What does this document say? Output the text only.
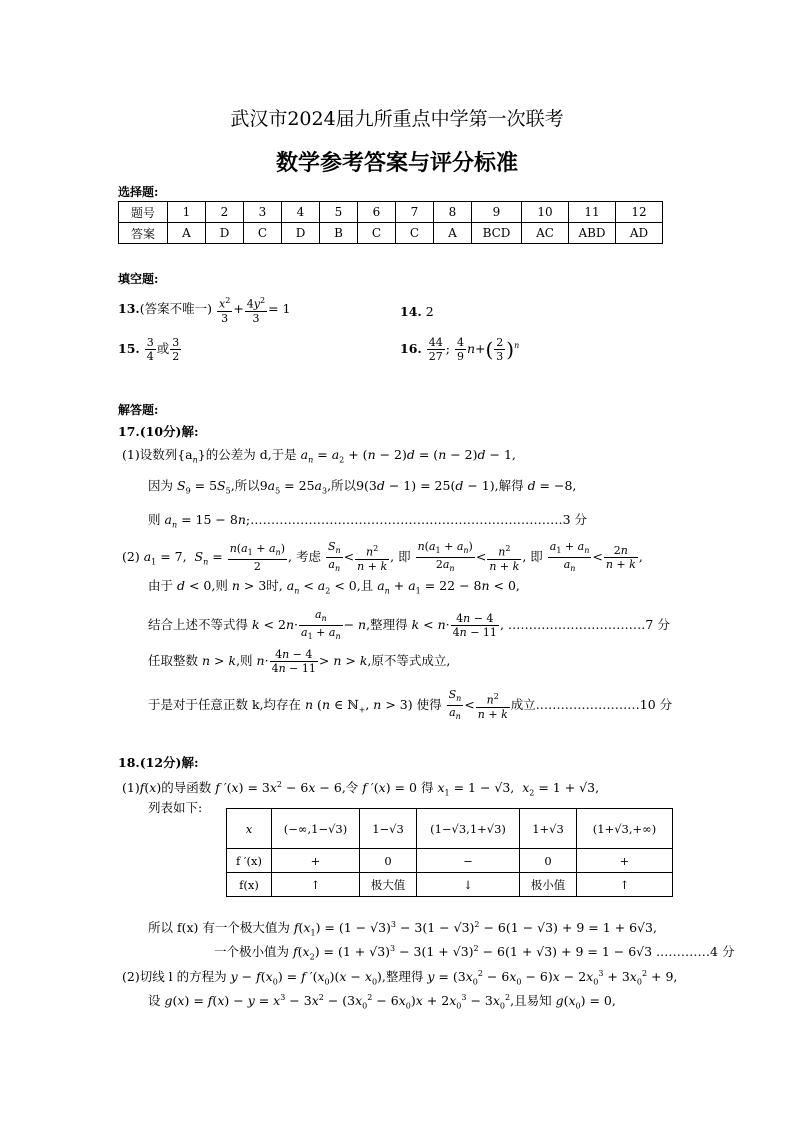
武汉市2024届九所重点中学第一次联考
数学参考答案与评分标准
选择题:
题号	1	2	3	4	5	6	7	8	9	10	11	12
答案	A	D	C	D	B	C	C	A	BCD	AC	ABD	AD
填空题:
13.(答案不唯一) $\frac{x^2}{3} + \frac{4y^2}{3} = 1$	14. 2
15. $\frac{3}{4}$ 或 $\frac{3}{2}$	16. $\frac{44}{27}$ ; $\frac{4}{9} n+( \frac{2}{3} )^n$
解答题:
17.(10分)解:
(1)设数列$\{a_n\}$的公差为 d,于是 $a_n = a_2 + (n - 2)d = (n - 2)d - 1$,
因为 $S_9 = 5S_5$,所以$9a_5 = 25a_3$,所以9(3d − 1) = 25(d − 1),解得 d = −8,
则 $a_n = 15$ − 8n;…………………………………………………………………3 分
(2) $a_1 = 7$,  $S_n = \frac{n(a_1 + a_n)}{2}$ , 考虑 $\frac{S_n}{a_n} < \frac{n^2}{n + k}$ , 即 $\frac{n(a_1 + a_n)}{2a_n} < \frac{n^2}{n + k}$ , 即 $\frac{a_1 + a_n}{a_n} < \frac{2n}{n + k}$ ,
由于 d < 0,则 n > 3时, $a_n < a_2 < 0$,且 $a_n + a_1 = 22 - 8n < 0$,
结合上述不等式得 $k < 2n\cdot \frac{a_n}{a_1 + a_n} - n$,整理得 $k < n\cdot \frac{4n - 4}{4n - 11}$ , ……………………………7 分
任取整数 n > k,则 $n\cdot \frac{4n - 4}{4n - 11} > n > k$,原不等式成立,
于是对于任意正数 k,均存在 n (n ∈ ℕ$_+$, n > 3) 使得 $\frac{S_n}{a_n} < \frac{n^2}{n + k}$ 成立.……………………10 分
18.(12分)解:
(1)f(x)的导函数 f $'(x) = 3x^2 - 6x - 6$,令 f ′(x) = 0 得 $x_1 = 1 - √3$,  $x_2 = 1 + √3$,
列表如下:
x	(−∞,1−√3)	1−√3	(1−√3,1+√3)	1+√3	(1+√3,+∞)
f ′(x)	+	0	−	0	+
f(x)	↑	极大值	↓	极小值	↑
所以 f(x) 有一个极大值为 $f(x_1) = (1 - √3)^3 - 3(1 - √3)^2 - 6(1 - √3) + 9 = 1 + 6√3$,
一个极小值为 $f(x_2) = (1 + √3)^3 - 3(1 + √3)^2 - 6(1 + √3) + 9 = 1 - 6√3$ .…………4 分
(2)切线 l 的方程为 $y - f(x_0) = f$ $'(x_0)(x - x_0)$,整理得 $y = (3x_0^2 - 6x_0 - 6)x - 2x_0^3 + 3x_0^2 + 9$,
设 $g(x) = f(x) - y = x^3 - 3x^2 - (3x_0^2 - 6x_0)x + 2x_0^3 - 3x_0^2$,且易知 $g(x_0) = 0$,
